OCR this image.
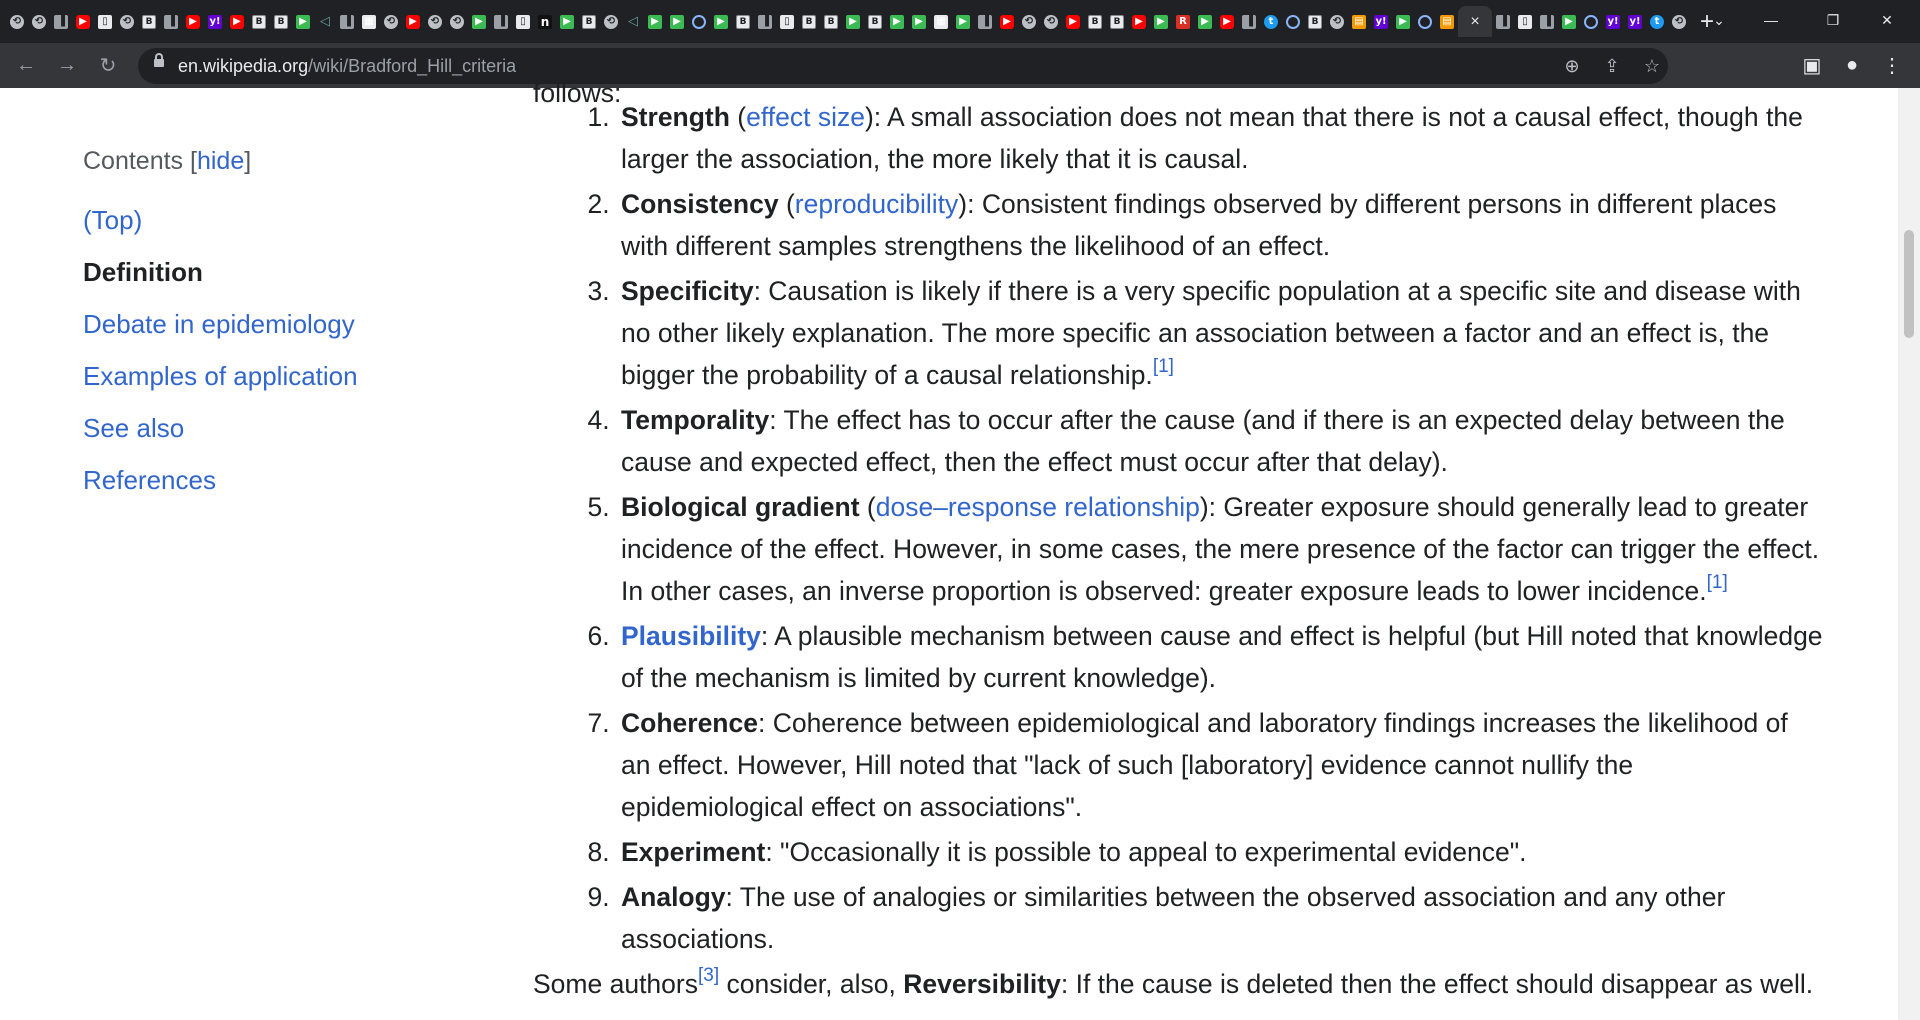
⟲ ⟲	▐	▶	▯	⟲	B	▐	▶	y!	▶	B	B	▶ ◁	▐	▦ ⟲	▶	⟲ ⟲	▶	▐	▯	n	▶	B	⟲ ◁	▶	▶	▶	B	▐	▯	B	B	▶	B	▶	▶	▦	▶	▐	▶	⟲ ⟲	▶	B	B	▶	▶	R	▶	▶	▐	t	B	⟲ ▤ y!	▶	▤ ×	▐	▯	▐	▶	y! y!	t	⟲ + ⌄	—	❐	✕
← → ↻	en.wikipedia.org/wiki/Bradford_Hill_criteria	⊕	⇪	☆	▣ ● ⋮
Contents [hide]
(Top)
Definition
Debate in epidemiology
Examples of application
See also
References

follows:

1. Strength (effect size): A small association does not mean that there is not a causal effect, though the larger the association, the more likely that it is causal.
2. Consistency (reproducibility): Consistent findings observed by different persons in different places with different samples strengthens the likelihood of an effect.
3. Specificity: Causation is likely if there is a very specific population at a specific site and disease with no other likely explanation. The more specific an association between a factor and an effect is, the bigger the probability of a causal relationship.[1]
4. Temporality: The effect has to occur after the cause (and if there is an expected delay between the cause and expected effect, then the effect must occur after that delay).
5. Biological gradient (dose–response relationship): Greater exposure should generally lead to greater incidence of the effect. However, in some cases, the mere presence of the factor can trigger the effect. In other cases, an inverse proportion is observed: greater exposure leads to lower incidence.[1]
6. Plausibility: A plausible mechanism between cause and effect is helpful (but Hill noted that knowledge of the mechanism is limited by current knowledge).
7. Coherence: Coherence between epidemiological and laboratory findings increases the likelihood of an effect. However, Hill noted that "lack of such [laboratory] evidence cannot nullify the epidemiological effect on associations".
8. Experiment: "Occasionally it is possible to appeal to experimental evidence".
9. Analogy: The use of analogies or similarities between the observed association and any other associations.

Some authors[3] consider, also, Reversibility: If the cause is deleted then the effect should disappear as well.
